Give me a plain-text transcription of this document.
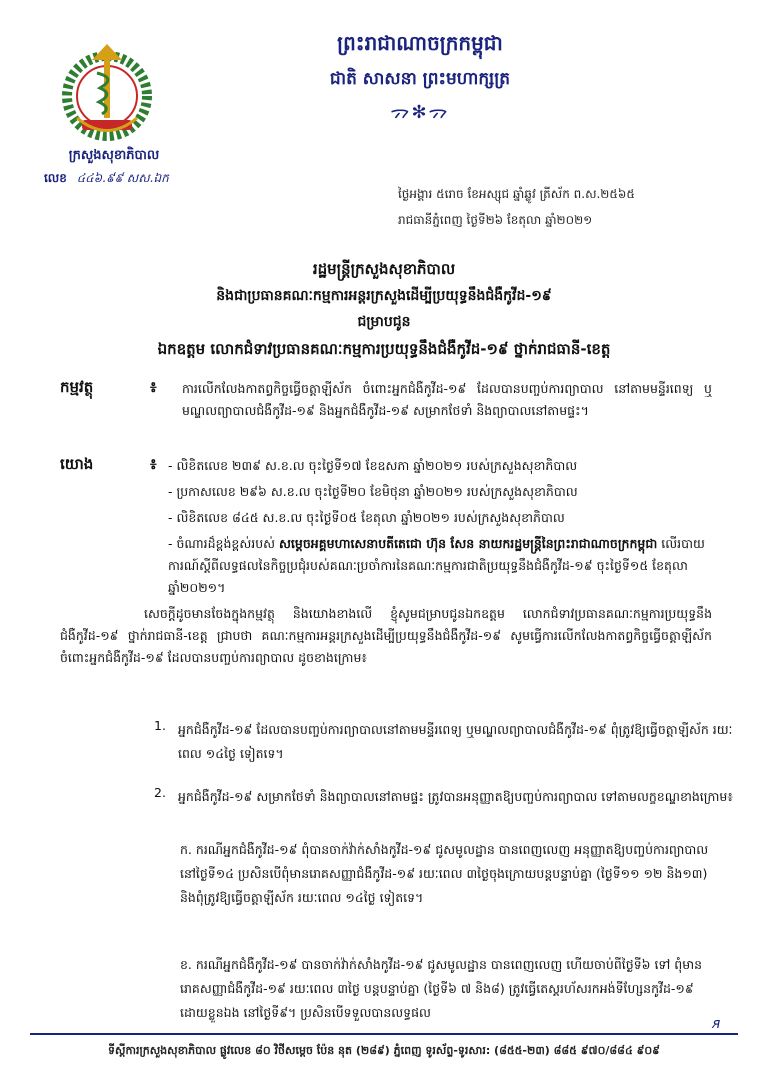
ក្រសួងសុខាភិបាល
លេខ ៤៤៦.៩៩ សស.ឯក
ព្រះរាជាណាចក្រកម្ពុជា
ជាតិ សាសនា ព្រះមហាក្សត្រ
ᯄ✻ᯄ
ថ្ងៃអង្គារ ៥រោច ខែអស្សុជ ឆ្នាំឆ្លូវ ត្រីស័ក ព.ស.២៥៦៥
រាជធានីភ្នំពេញ ថ្ងៃទី២៦ ខែតុលា ឆ្នាំ២០២១
រដ្ឋមន្ត្រីក្រសួងសុខាភិបាល
និងជាប្រធានគណៈកម្មការអន្តរក្រសួងដើម្បីប្រយុទ្ធនឹងជំងឺកូវីដ-១៩
ជម្រាបជូន
ឯកឧត្តម លោកជំទាវប្រធានគណៈកម្មការប្រយុទ្ធនឹងជំងឺកូវីដ-១៩ ថ្នាក់រាជធានី-ខេត្ត
កម្មវត្ថុ	៖ ការលើកលែងកាតព្វកិច្ចធ្វើចត្តាឡីស័ក ចំពោះអ្នកជំងឺកូវីដ-១៩ ដែលបានបញ្ចប់ការព្យាបាល នៅតាមមន្ទីរពេទ្យ ឬមណ្ឌលព្យាបាលជំងឺកូវីដ-១៩ និងអ្នកជំងឺកូវីដ-១៩ សម្រាកថែទាំ និងព្យាបាលនៅតាមផ្ទះ។
យោង	៖ - លិខិតលេខ ២៣៩ ស.ខ.ល ចុះថ្ងៃទី១៧ ខែឧសភា ឆ្នាំ២០២១ របស់ក្រសួងសុខាភិបាល
- ប្រកាសលេខ ២៩៦ ស.ខ.ល ចុះថ្ងៃទី២០ ខែមិថុនា ឆ្នាំ២០២១ របស់ក្រសួងសុខាភិបាល
- លិខិតលេខ ៨៤៥ ស.ខ.ល ចុះថ្ងៃទី០៥ ខែតុលា ឆ្នាំ២០២១ របស់ក្រសួងសុខាភិបាល
- ចំណារដ៏ខ្ពង់ខ្ពស់របស់ សម្តេចអគ្គមហាសេនាបតីតេជោ ហ៊ុន សែន នាយករដ្ឋមន្ត្រីនៃព្រះរាជាណាចក្រកម្ពុជា លើរបាយការណ៍ស្តីពីលទ្ធផលនៃកិច្ចប្រជុំរបស់គណៈប្រចាំការនៃគណៈកម្មការជាតិប្រយុទ្ធនឹងជំងឺកូវីដ-១៩ ចុះថ្ងៃទី១៥ ខែតុលា ឆ្នាំ២០២១។
សេចក្តីដូចមានចែងក្នុងកម្មវត្ថុ និងយោងខាងលើ ខ្ញុំសូមជម្រាបជូនឯកឧត្តម លោកជំទាវប្រធានគណៈកម្មការប្រយុទ្ធនឹងជំងឺកូវីដ-១៩ ថ្នាក់រាជធានី-ខេត្ត ជ្រាបថា គណៈកម្មការអន្តរក្រសួងដើម្បីប្រយុទ្ធនឹងជំងឺកូវីដ-១៩ សូមធ្វើការលើកលែងកាតព្វកិច្ចធ្វើចត្តាឡីស័កចំពោះអ្នកជំងឺកូវីដ-១៩ ដែលបានបញ្ចប់ការព្យាបាល ដូចខាងក្រោម៖
1. អ្នកជំងឺកូវីដ-១៩ ដែលបានបញ្ចប់ការព្យាបាលនៅតាមមន្ទីរពេទ្យ ឬមណ្ឌលព្យាបាលជំងឺកូវីដ-១៩ ពុំត្រូវឱ្យធ្វើចត្តាឡីស័ក រយៈពេល ១៤ថ្ងៃ ទៀតទេ។
2. អ្នកជំងឺកូវីដ-១៩ សម្រាកថែទាំ និងព្យាបាលនៅតាមផ្ទះ ត្រូវបានអនុញ្ញាតឱ្យបញ្ចប់ការព្យាបាល ទៅតាមលក្ខខណ្ឌខាងក្រោម៖
ក. ករណីអ្នកជំងឺកូវីដ-១៩ ពុំបានចាក់វ៉ាក់សាំងកូវីដ-១៩ ជូសមូលដ្ឋាន បានពេញលេញ អនុញ្ញាតឱ្យបញ្ចប់ការព្យាបាលនៅថ្ងៃទី១៤ ប្រសិនបើពុំមានរោគសញ្ញាជំងឺកូវីដ-១៩ រយៈពេល ៣ថ្ងៃចុងក្រោយបន្តបន្ទាប់គ្នា (ថ្ងៃទី១១ ១២ និង១៣) និងពុំត្រូវឱ្យធ្វើចត្តាឡីស័ក រយៈពេល ១៤ថ្ងៃ ទៀតទេ។
ខ. ករណីអ្នកជំងឺកូវីដ-១៩ បានចាក់វ៉ាក់សាំងកូវីដ-១៩ ជូសមូលដ្ឋាន បានពេញលេញ ហើយចាប់ពីថ្ងៃទី៦ ទៅ ពុំមានរោគសញ្ញាជំងឺកូវីដ-១៩ រយៈពេល ៣ថ្ងៃ បន្តបន្ទាប់គ្នា (ថ្ងៃទី៦ ៧ និង៨) ត្រូវធ្វើតេស្តរហ័សរកអង់ទីហ្សែនកូវីដ-១៩ ដោយខ្លួនឯង នៅថ្ងៃទី៩។ ប្រសិនបើទទួលបានលទ្ធផល
ᴙ
ទីស្តីការក្រសួងសុខាភិបាល ផ្លូវលេខ ៨០ វិថីសម្តេច ប៉ែន នុត (២៨៩) ភ្នំពេញ ទូរស័ព្ទ-ទូរសារ: (៨៥៥-២៣) ៨៨៥ ៩៧០/៨៨៤ ៩០៩
